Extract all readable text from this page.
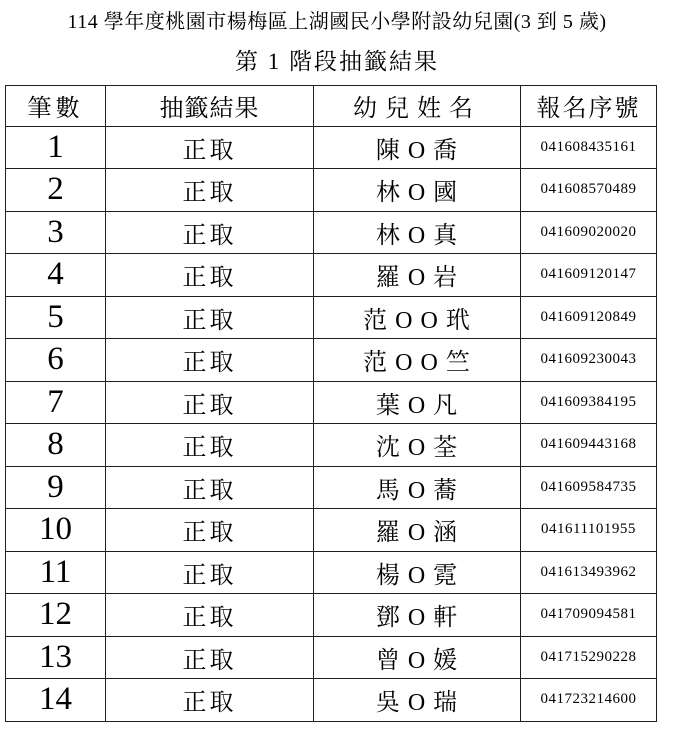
114 學年度桃園市楊梅區上湖國民小學附設幼兒園(3 到 5 歲)
第 1 階段抽籤結果
筆數	抽籤結果	幼兒姓名	報名序號
1	正取	陳 O 喬	041608435161
2	正取	林 O 國	041608570489
3	正取	林 O 真	041609020020
4	正取	羅 O 岩	041609120147
5	正取	范 O O 玳	041609120849
6	正取	范 O O 竺	041609230043
7	正取	葉 O 凡	041609384195
8	正取	沈 O 荃	041609443168
9	正取	馬 O 蕎	041609584735
10	正取	羅 O 涵	041611101955
11	正取	楊 O 霓	041613493962
12	正取	鄧 O 軒	041709094581
13	正取	曾 O 媛	041715290228
14	正取	吳 O 瑞	041723214600
